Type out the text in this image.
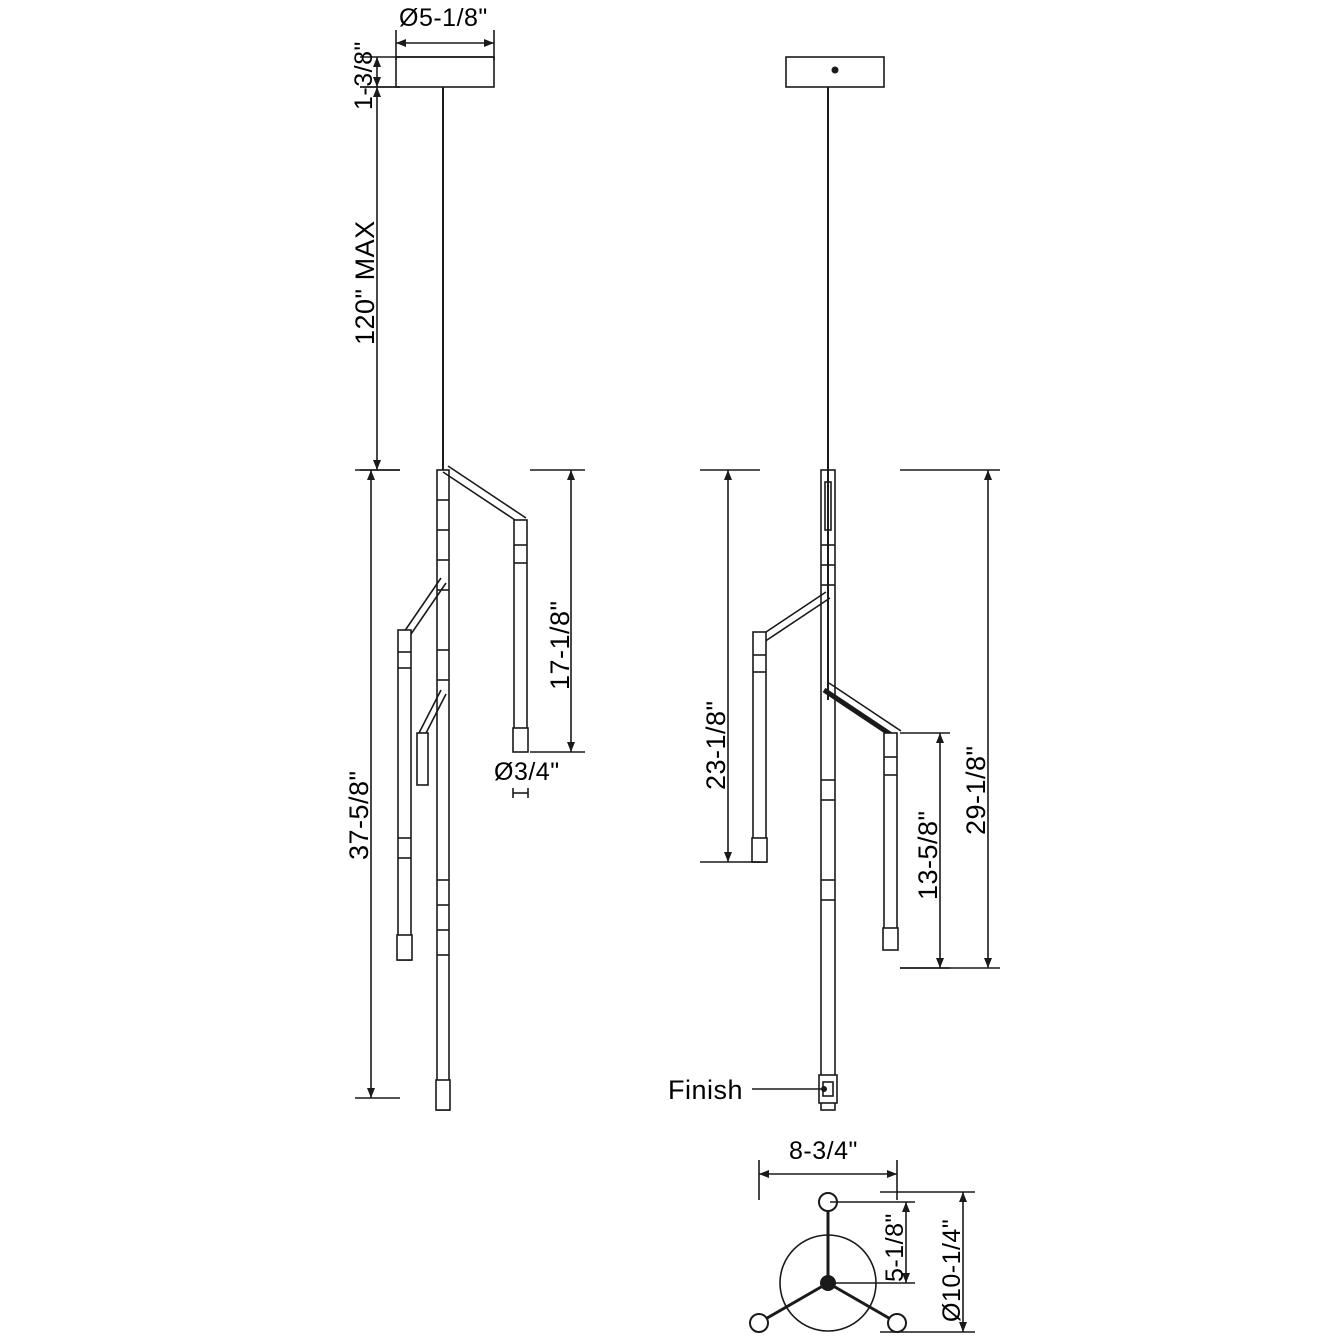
Ø5-1/8"
1-3/8"
120" MAX
37-5/8"
17-1/8"
Ø3/4"	23-1/8"
29-1/8"
13-5/8"
Finish
8-3/4"
5-1/8" Ø10-1/4"
